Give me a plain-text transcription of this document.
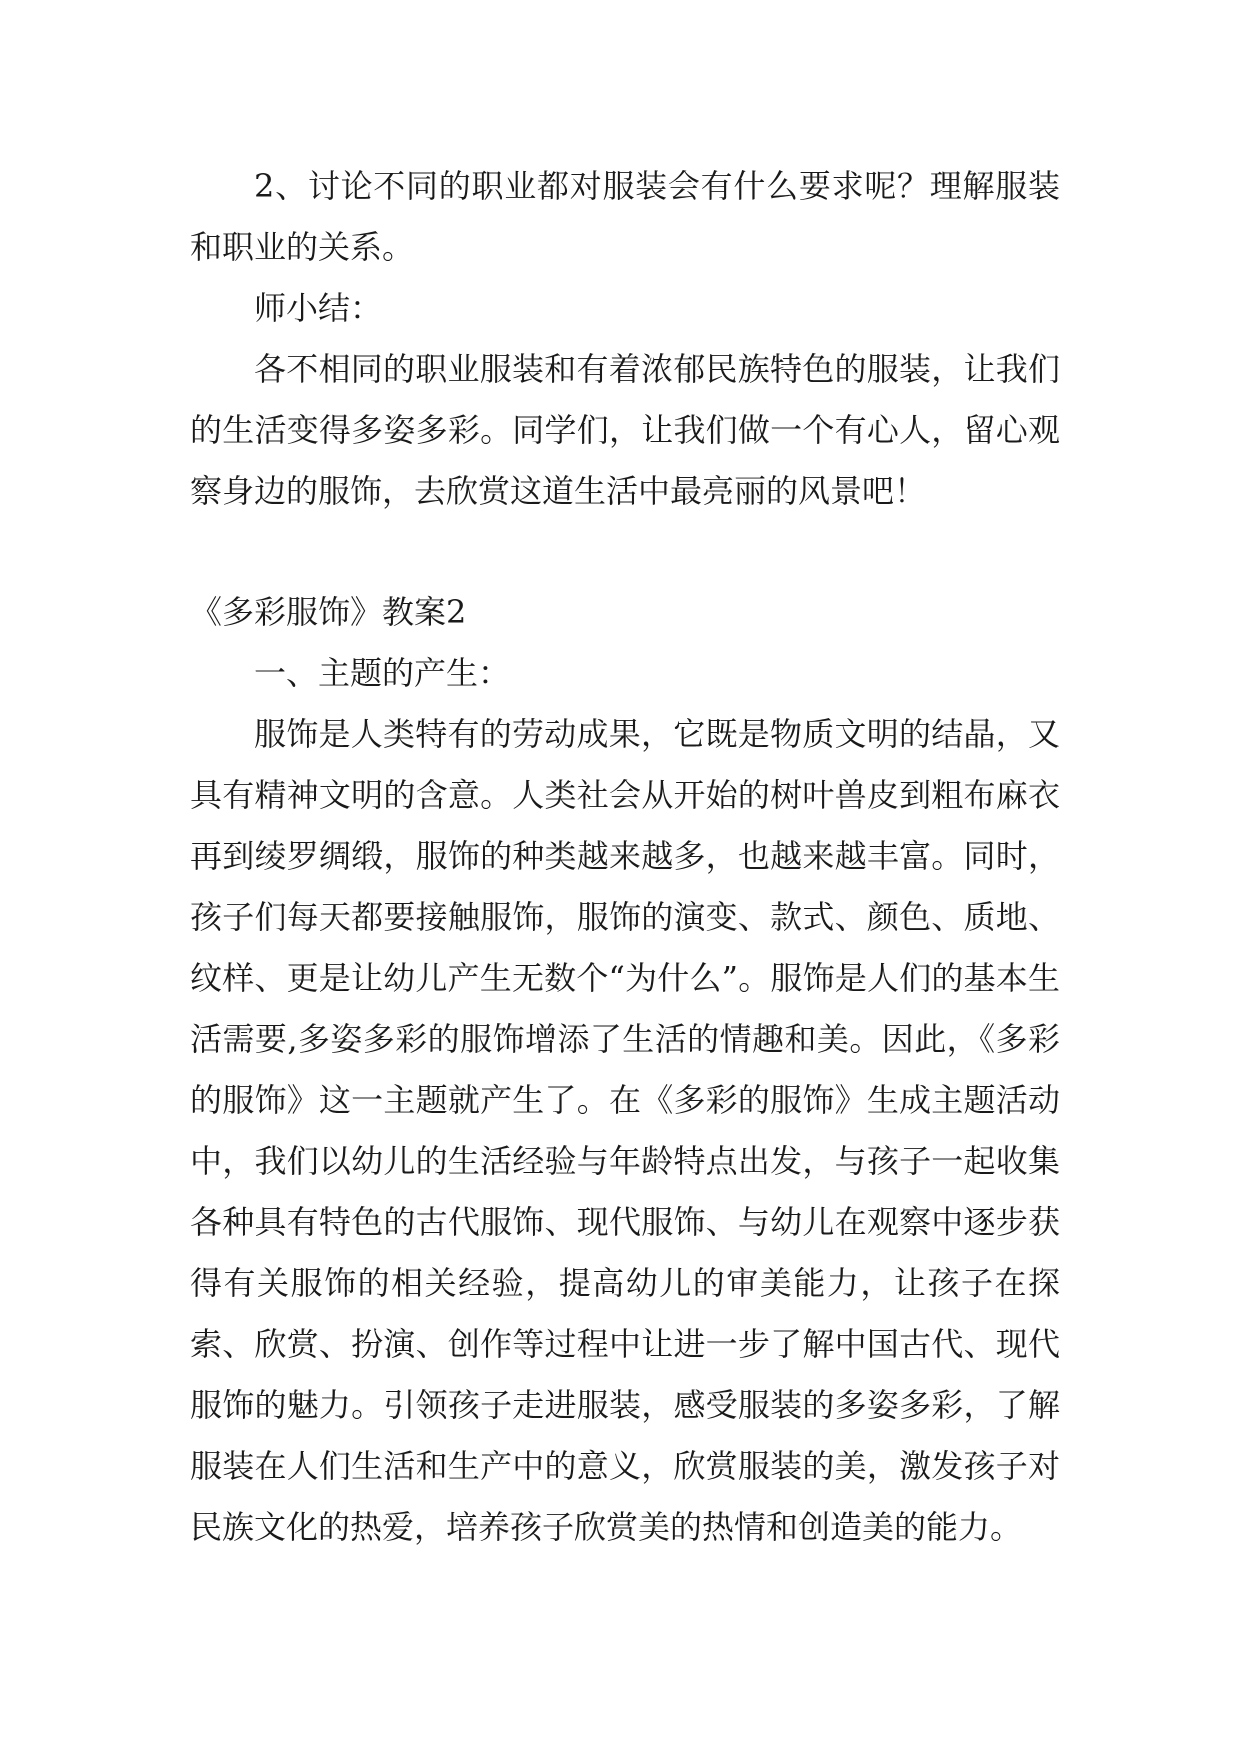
2、讨论不同的职业都对服装会有什么要求呢？理解服装和职业的关系。

师小结：

各不相同的职业服装和有着浓郁民族特色的服装，让我们的生活变得多姿多彩。同学们，让我们做一个有心人，留心观察身边的服饰，去欣赏这道生活中最亮丽的风景吧！

《多彩服饰》教案2

一、主题的产生：

服饰是人类特有的劳动成果，它既是物质文明的结晶，又具有精神文明的含意。人类社会从开始的树叶兽皮到粗布麻衣再到绫罗绸缎，服饰的种类越来越多，也越来越丰富。同时，孩子们每天都要接触服饰，服饰的演变、款式、颜色、质地、纹样、更是让幼儿产生无数个“为什么”。服饰是人们的基本生活需要,多姿多彩的服饰增添了生活的情趣和美。因此，《多彩的服饰》这一主题就产生了。在《多彩的服饰》生成主题活动中，我们以幼儿的生活经验与年龄特点出发，与孩子一起收集各种具有特色的古代服饰、现代服饰、与幼儿在观察中逐步获得有关服饰的相关经验，提高幼儿的审美能力，让孩子在探索、欣赏、扮演、创作等过程中让进一步了解中国古代、现代服饰的魅力。引领孩子走进服装，感受服装的多姿多彩，了解服装在人们生活和生产中的意义，欣赏服装的美，激发孩子对民族文化的热爱，培养孩子欣赏美的热情和创造美的能力。
